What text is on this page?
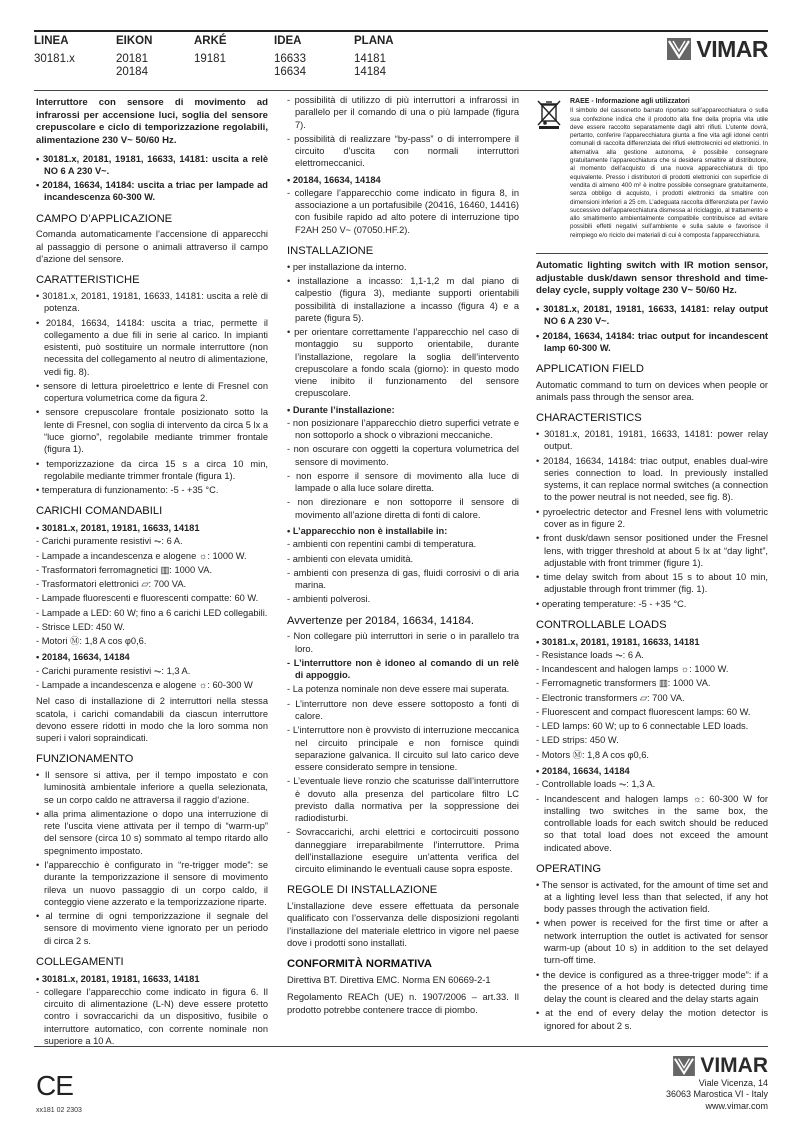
LINEA
30181.x
EIKON
20181
20184
ARKÉ
19181
IDEA
16633
16634
PLANA
14181
14184
VIMAR

Interruttore con sensore di movimento ad infrarossi per accensione luci, soglia del sensore crepuscolare e ciclo di temporizzazione regolabili, alimentazione 230 V~ 50/60 Hz.

• 30181.x, 20181, 19181, 16633, 14181: uscita a relè NO 6 A 230 V~.
• 20184, 16634, 14184: uscita a triac per lampade ad incandescenza 60-300 W.
CAMPO D’APPLICAZIONE

Comanda automaticamente l’accensione di apparecchi al passaggio di persone o animali attraverso il campo d’azione del sensore.

CARATTERISTICHE
• 30181.x, 20181, 19181, 16633, 14181: uscita a relè di potenza.
• 20184, 16634, 14184: uscita a triac, permette il collegamento a due fili in serie al carico. In impianti esistenti, può sostituire un normale interruttore (non necessita del collegamento al neutro di alimentazione, vedi fig. 8).
• sensore di lettura piroelettrico e lente di Fresnel con copertura volumetrica come da figura 2.
• sensore crepuscolare frontale posizionato sotto la lente di Fresnel, con soglia di intervento da circa 5 lx a “luce giorno”, regolabile mediante trimmer frontale (figura 1).
• temporizzazione da circa 15 s a circa 10 min, regolabile mediante trimmer frontale (figura 1).
• temperatura di funzionamento: -5 - +35 °C.
CARICHI COMANDABILI
• 30181.x, 20181, 19181, 16633, 14181
- Carichi puramente resistivi ⏦: 6 A.
- Lampade a incandescenza e alogene ☼: 1000 W.
- Trasformatori ferromagnetici ▥: 1000 VA.
- Trasformatori elettronici ▱: 700 VA.
- Lampade fluorescenti e fluorescenti compatte: 60 W.
- Lampade a LED: 60 W; fino a 6 carichi LED collegabili.
- Strisce LED: 450 W.
- Motori Ⓜ: 1,8 A cos φ0,6.
• 20184, 16634, 14184
- Carichi puramente resistivi ⏦: 1,3 A.
- Lampade a incandescenza e alogene ☼: 60-300 W

Nel caso di installazione di 2 interruttori nella stessa scatola, i carichi comandabili da ciascun interruttore devono essere ridotti in modo che la loro somma non superi i valori sopraindicati.

FUNZIONAMENTO
• Il sensore si attiva, per il tempo impostato e con luminosità ambientale inferiore a quella selezionata, se un corpo caldo ne attraversa il raggio d’azione.
• alla prima alimentazione o dopo una interruzione di rete l’uscita viene attivata per il tempo di “warm-up” del sensore (circa 10 s) sommato al tempo ritardo allo spegnimento impostato.
• l’apparecchio è configurato in “re-trigger mode”: se durante la temporizzazione il sensore di movimento rileva un nuovo passaggio di un corpo caldo, il conteggio viene azzerato e la temporizzazione riparte.
• al termine di ogni temporizzazione il segnale del sensore di movimento viene ignorato per un periodo di circa 2 s.
COLLEGAMENTI
• 30181.x, 20181, 19181, 16633, 14181
- collegare l’apparecchio come indicato in figura 6. Il circuito di alimentazione (L-N) deve essere protetto contro i sovraccarichi da un dispositivo, fusibile o interruttore automatico, con corrente nominale non superiore a 10 A.
- possibilità di utilizzo di più interruttori a infrarossi in parallelo per il comando di una o più lampade (figura 7).
- possibilità di realizzare “by-pass” o di interrompere il circuito d’uscita con normali interruttori elettromeccanici.
• 20184, 16634, 14184
- collegare l’apparecchio come indicato in figura 8, in associazione a un portafusibile (20416, 16460, 14416) con fusibile rapido ad alto potere di interruzione tipo F2AH 250 V~ (07050.HF.2).
INSTALLAZIONE
• per installazione da interno.
• installazione a incasso: 1,1-1,2 m dal piano di calpestio (figura 3), mediante supporti orientabili possibilità di installazione a incasso (figura 4) e a parete (figura 5).
• per orientare correttamente l’apparecchio nel caso di montaggio su supporto orientabile, durante l’installazione, regolare la soglia dell’intervento crepuscolare a fondo scala (giorno): in questo modo viene inibito il funzionamento del sensore crepuscolare.
• Durante l’installazione:
- non posizionare l’apparecchio dietro superfici vetrate e non sottoporlo a shock o vibrazioni meccaniche.
- non oscurare con oggetti la copertura volumetrica del sensore di movimento.
- non esporre il sensore di movimento alla luce di lampade o alla luce solare diretta.
- non direzionare e non sottoporre il sensore di movimento all’azione diretta di fonti di calore.
• L’apparecchio non è installabile in:
- ambienti con repentini cambi di temperatura.
- ambienti con elevata umidità.
- ambienti con presenza di gas, fluidi corrosivi o di aria marina.
- ambienti polverosi.
Avvertenze per 20184, 16634, 14184.
- Non collegare più interruttori in serie o in parallelo tra loro.
- L’interruttore non è idoneo al comando di un relè di appoggio.
- La potenza nominale non deve essere mai superata.
- L’interruttore non deve essere sottoposto a fonti di calore.
- L’interruttore non è provvisto di interruzione meccanica nel circuito principale e non fornisce quindi separazione galvanica. Il circuito sul lato carico deve essere considerato sempre in tensione.
- L’eventuale lieve ronzio che scaturisse dall’interruttore è dovuto alla presenza del particolare filtro LC previsto dalla normativa per la soppressione dei radiodisturbi.
- Sovraccarichi, archi elettrici e cortocircuiti possono danneggiare irreparabilmente l’interruttore. Prima dell’installazione eseguire un’attenta verifica del circuito eliminando le eventuali cause sopra esposte.
REGOLE DI INSTALLAZIONE

L’installazione deve essere effettuata da personale qualificato con l’osservanza delle disposizioni regolanti l’installazione del materiale elettrico in vigore nel paese dove i prodotti sono installati.

CONFORMITÀ NORMATIVA

Direttiva BT. Direttiva EMC. Norma EN 60669-2-1

Regolamento REACh (UE) n. 1907/2006 – art.33. Il prodotto potrebbe contenere tracce di piombo.

RAEE - Informazione agli utilizzatori
Il simbolo del cassonetto barrato riportato sull’apparecchiatura o sulla sua confezione indica che il prodotto alla fine della propria vita utile deve essere raccolto separatamente dagli altri rifiuti. L’utente dovrà, pertanto, conferire l’apparecchiatura giunta a fine vita agli idonei centri comunali di raccolta differenziata dei rifiuti elettrotecnici ed elettronici. In alternativa alla gestione autonoma, è possibile consegnare gratuitamente l’apparecchiatura che si desidera smaltire al distributore, al momento dell’acquisto di una nuova apparecchiatura di tipo equivalente. Presso i distributori di prodotti elettronici con superficie di vendita di almeno 400 m² è inoltre possibile consegnare gratuitamente, senza obbligo di acquisto, i prodotti elettronici da smaltire con dimensioni inferiori a 25 cm. L’adeguata raccolta differenziata per l’avvio successivo dell’apparecchiatura dismessa al riciclaggio, al trattamento e allo smaltimento ambientalmente compatibile contribuisce ad evitare possibili effetti negativi sull’ambiente e sulla salute e favorisce il reimpiego e/o riciclo dei materiali di cui è composta l’apparecchiatura.

Automatic lighting switch with IR motion sensor, adjustable dusk/dawn sensor threshold and time-delay cycle, supply voltage 230 V~ 50/60 Hz.

• 30181.x, 20181, 19181, 16633, 14181: relay output NO 6 A 230 V~.
• 20184, 16634, 14184: triac output for incandescent lamp 60-300 W.
APPLICATION FIELD

Automatic command to turn on devices when people or animals pass through the sensor area.

CHARACTERISTICS
• 30181.x, 20181, 19181, 16633, 14181: power relay output.
• 20184, 16634, 14184: triac output, enables dual-wire series connection to load. In previously installed systems, it can replace normal switches (a connection to the power neutral is not needed, see fig. 8).
• pyroelectric detector and Fresnel lens with volumetric cover as in figure 2.
• front dusk/dawn sensor positioned under the Fresnel lens, with trigger threshold at about 5 lx at “day light”, adjustable with front trimmer (figure 1).
• time delay switch from about 15 s to about 10 min, adjustable through front trimmer (fig. 1).
• operating temperature: -5 - +35 °C.
CONTROLLABLE LOADS
• 30181.x, 20181, 19181, 16633, 14181
- Resistance loads ⏦: 6 A.
- Incandescent and halogen lamps ☼: 1000 W.
- Ferromagnetic transformers ▥: 1000 VA.
- Electronic transformers ▱: 700 VA.
- Fluorescent and compact fluorescent lamps: 60 W.
- LED lamps: 60 W; up to 6 connectable LED loads.
- LED strips: 450 W.
- Motors Ⓜ: 1,8 A cos φ0,6.
• 20184, 16634, 14184
- Controllable loads ⏦: 1,3 A.
- Incandescent and halogen lamps ☼: 60-300 W for installing two switches in the same box, the controllable loads for each switch should be reduced so that total load does not exceed the amount indicated above.
OPERATING
• The sensor is activated, for the amount of time set and at a lighting level less than that selected, if any hot body passes through the activation field.
• when power is received for the first time or after a network interruption the outlet is activated for sensor warm-up (about 10 s) in addition to the set delayed turn-off time.
• the device is configured as a three-trigger mode”: if a the presence of a hot body is detected during time delay the count is cleared and the delay starts again
• at the end of every delay the motion detector is ignored for about 2 s.
CE
xx181 02 2303
VIMAR
Viale Vicenza, 14
36063 Marostica VI - Italy
www.vimar.com
